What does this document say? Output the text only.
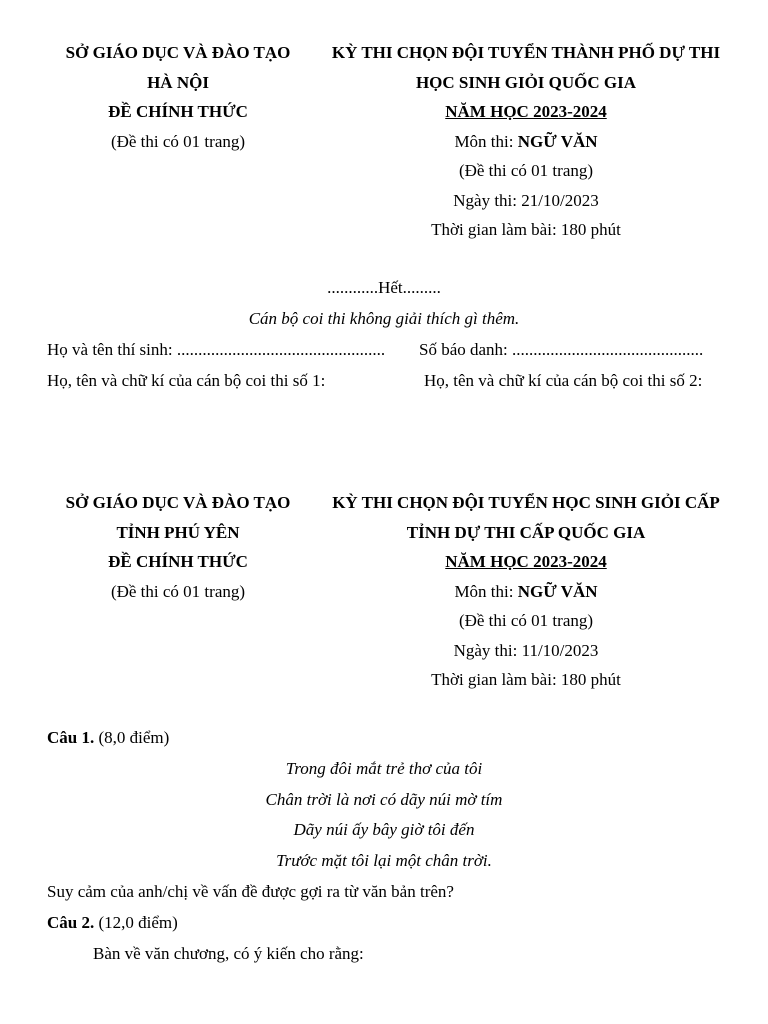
SỞ GIÁO DỤC VÀ ĐÀO TẠO
HÀ NỘI
ĐỀ CHÍNH THỨC
(Đề thi có 01 trang)
KỲ THI CHỌN ĐỘI TUYỂN THÀNH PHỐ DỰ THI
HỌC SINH GIỎI QUỐC GIA
NĂM HỌC 2023-2024
Môn thi: NGỮ VĂN
(Đề thi có 01 trang)
Ngày thi: 21/10/2023
Thời gian làm bài: 180 phút
............Hết.........
Cán bộ coi thi không giải thích gì thêm.
Họ và tên thí sinh: ................................................. Số báo danh: .............................................
Họ, tên và chữ kí của cán bộ coi thi số 1:	Họ, tên và chữ kí của cán bộ coi thi số 2:
SỞ GIÁO DỤC VÀ ĐÀO TẠO
TỈNH PHÚ YÊN
ĐỀ CHÍNH THỨC
(Đề thi có 01 trang)
KỲ THI CHỌN ĐỘI TUYỂN HỌC SINH GIỎI CẤP
TỈNH DỰ THI CẤP QUỐC GIA
NĂM HỌC 2023-2024
Môn thi: NGỮ VĂN
(Đề thi có 01 trang)
Ngày thi: 11/10/2023
Thời gian làm bài: 180 phút
Câu 1. (8,0 điểm)
Trong đôi mắt trẻ thơ của tôi
Chân trời là nơi có dãy núi mờ tím
Dãy núi ấy bây giờ tôi đến
Trước mặt tôi lại một chân trời.
Suy cảm của anh/chị về vấn đề được gợi ra từ văn bản trên?
Câu 2. (12,0 điểm)
Bàn về văn chương, có ý kiến cho rằng:
